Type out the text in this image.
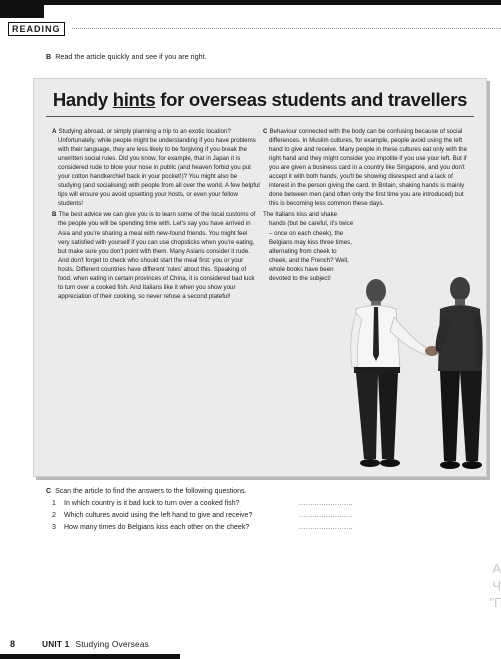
READING
B Read the article quickly and see if you are right.
Handy hints for overseas students and travellers

A Studying abroad, or simply planning a trip to an exotic location? Unfortunately, while people might be understanding if you have problems with their language, they are less likely to be forgiving if you break the unwritten social rules. Did you know, for example, that in Japan it is considered rude to blow your nose in public (and heaven forbid you put your cotton handkerchief back in your pocket!)? You might also be studying (and socialising) with people from all over the world. A few helpful tips will ensure you avoid upsetting your hosts, or even your fellow students!

B The best advice we can give you is to learn some of the local customs of the people you will be spending time with. Let's say you have arrived in Asia and you're sharing a meal with new-found friends. You might feel very satisfied with yourself if you can use chopsticks when you're eating, but make sure you don't point with them. Many Asians consider it rude. And don't forget to check who should start the meal first: you or your hosts. Different countries have different 'rules' about this. Speaking of food, when eating in certain provinces of China, it is considered bad luck to turn over a cooked fish. And Italians like it when you show your appreciation of their cooking, so never refuse a second plateful!

C Behaviour connected with the body can be confusing because of social differences. In Muslim cultures, for example, people avoid using the left hand to give and receive. Many people in these cultures eat only with the right hand and they might consider you impolite if you use your left. But if you are given a business card in a country like Singapore, and you don't accept it with both hands, you'll be showing disrespect and a lack of interest in the person giving the card. In Britain, shaking hands is mainly done between men (and often only the first time you are introduced) but this is becoming less common these days.

The Italians kiss and shake hands (but be careful, it's twice – once on each cheek), the Belgians may kiss three times, alternating from cheek to cheek, and the French? Well, whole books have been devoted to the subject!

C Scan the article to find the answers to the following questions.
1 In which country is it bad luck to turn over a cooked fish?	........................
2 Which cultures avoid using the left hand to give and receive?	........................
3 How many times do Belgians kiss each other on the cheek?	........................
А
Ч
"Г
8	UNIT 1 Studying Overseas
